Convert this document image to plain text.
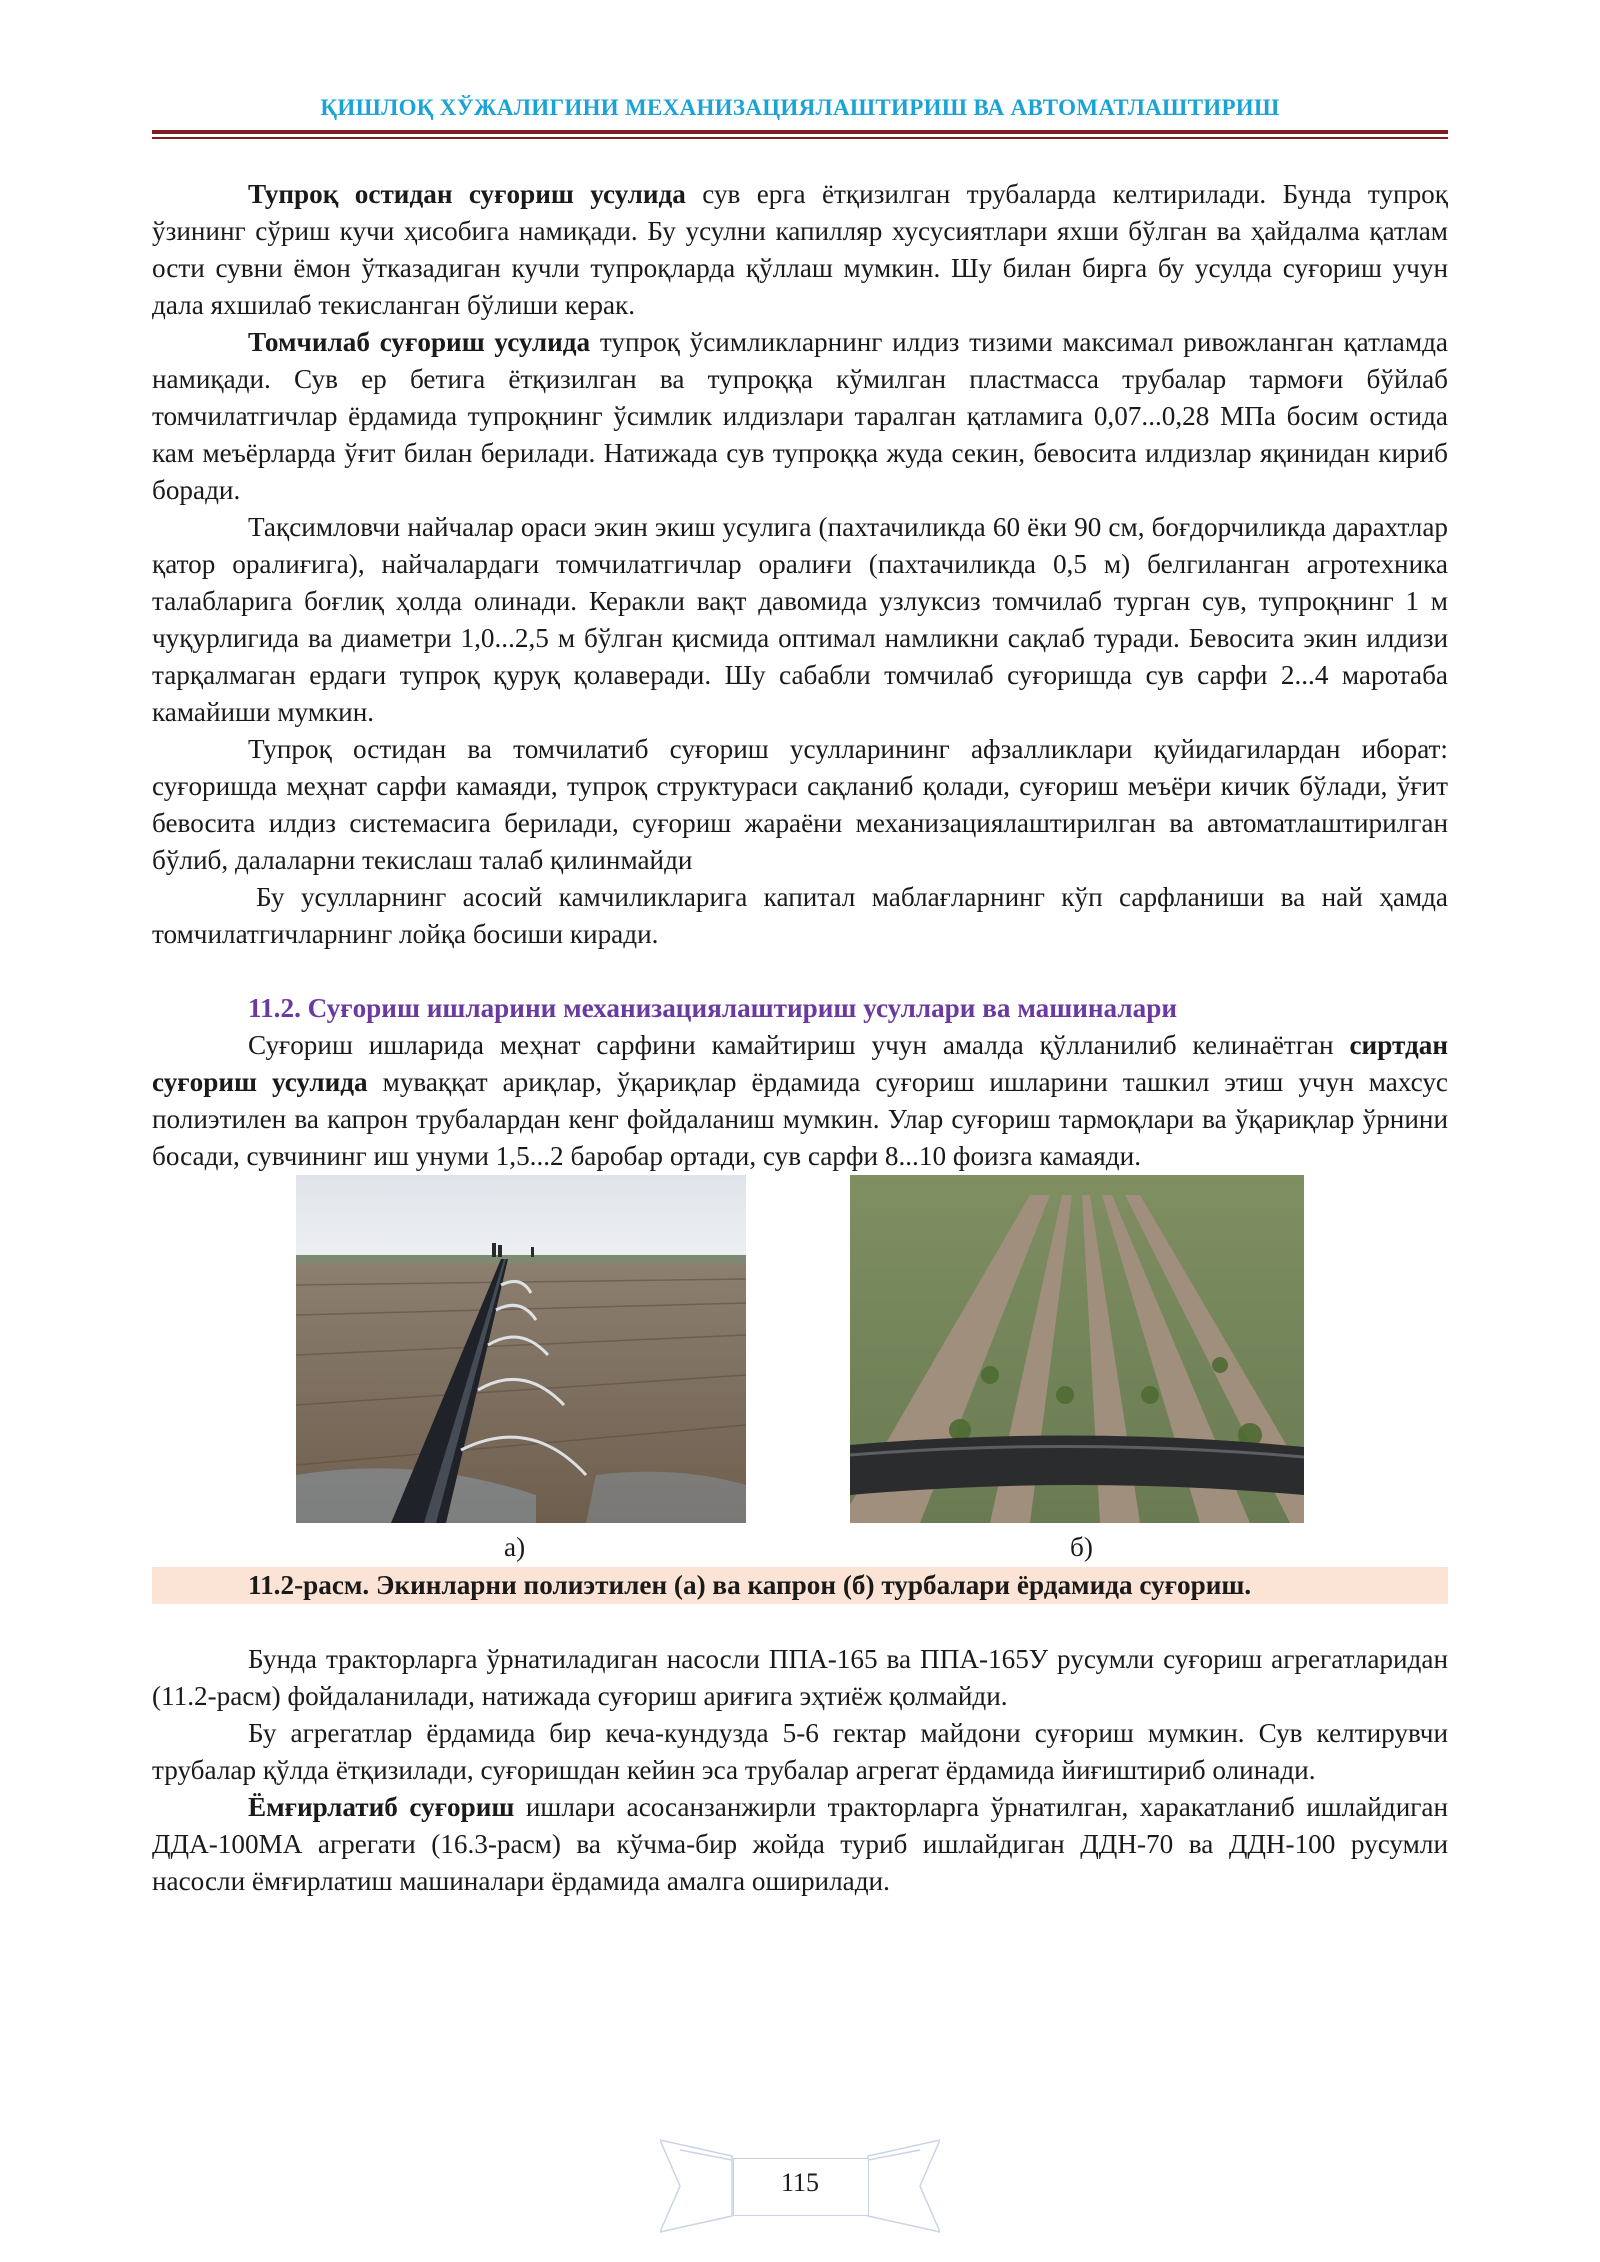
ҚИШЛОҚ ХЎЖАЛИГИНИ МЕХАНИЗАЦИЯЛАШТИРИШ ВА АВТОМАТЛАШТИРИШ

Тупроқ остидан суғориш усулида сув ерга ётқизилган трубаларда келтирилади. Бунда тупроқ ўзининг сўриш кучи ҳисобига намиқади. Бу усулни капилляр хусусиятлари яхши бўлган ва ҳайдалма қатлам ости сувни ёмон ўтказадиган кучли тупроқларда қўллаш мумкин. Шу билан бирга бу усулда суғориш учун дала яхшилаб текисланган бўлиши керак.

Томчилаб суғориш усулида тупроқ ўсимликларнинг илдиз тизими максимал ривожланган қатламда намиқади. Сув ер бетига ётқизилган ва тупроққа кўмилган пластмасса трубалар тармоғи бўйлаб томчилатгичлар ёрдамида тупроқнинг ўсимлик илдизлари таралган қатламига 0,07...0,28 МПа босим остида кам меъёрларда ўғит билан берилади. Натижада сув тупроққа жуда секин, бевосита илдизлар яқинидан кириб боради.

Тақсимловчи найчалар ораси экин экиш усулига (пахтачиликда 60 ёки 90 см, боғдорчиликда дарахтлар қатор оралиғига), найчалардаги томчилатгичлар оралиғи (пахтачиликда 0,5 м) белгиланган агротехника талабларига боғлиқ ҳолда олинади. Керакли вақт давомида узлуксиз томчилаб турган сув, тупроқнинг 1 м чуқурлигида ва диаметри 1,0...2,5 м бўлган қисмида оптимал намликни сақлаб туради. Бевосита экин илдизи тарқалмаган ердаги тупроқ қуруқ қолаверади. Шу сабабли томчилаб суғоришда сув сарфи 2...4 маротаба камайиши мумкин.

Тупроқ остидан ва томчилатиб суғориш усулларининг афзалликлари қуйидагилардан иборат: суғоришда меҳнат сарфи камаяди, тупроқ структураси сақланиб қолади, суғориш меъёри кичик бўлади, ўғит бевосита илдиз системасига берилади, суғориш жараёни механизациялаштирилган ва автоматлаштирилган бўлиб, далаларни текислаш талаб қилинмайди

Бу усулларнинг асосий камчиликларига капитал маблағларнинг кўп сарфланиши ва най ҳамда томчилатгичларнинг лойқа босиши киради.

11.2. Суғориш ишларини механизациялаштириш усуллари ва машиналари

Суғориш ишларида меҳнат сарфини камайтириш учун амалда қўлланилиб келинаётган сиртдан суғориш усулида муваққат ариқлар, ўқариқлар ёрдамида суғориш ишларини ташкил этиш учун махсус полиэтилен ва капрон трубалардан кенг фойдаланиш мумкин. Улар суғориш тармоқлари ва ўқариқлар ўрнини босади, сувчининг иш унуми 1,5...2 баробар ортади, сув сарфи 8...10 фоизга камаяди.

а)	б)

11.2-расм. Экинларни полиэтилен (а) ва капрон (б) турбалари ёрдамида суғориш.

Бунда тракторларга ўрнатиладиган насосли ППА-165 ва ППА-165У русумли суғориш агрегатларидан (11.2-расм) фойдаланилади, натижада суғориш ариғига эҳтиёж қолмайди.

Бу агрегатлар ёрдамида бир кеча-кундузда 5-6 гектар майдони суғориш мумкин. Сув келтирувчи трубалар қўлда ётқизилади, суғоришдан кейин эса трубалар агрегат ёрдамида йиғиштириб олинади.

Ёмғирлатиб суғориш ишлари асосанзанжирли тракторларга ўрнатилган, харакатланиб ишлайдиган ДДА-100МА агрегати (16.3-расм) ва кўчма-бир жойда туриб ишлайдиган ДДН-70 ва ДДН-100 русумли насосли ёмғирлатиш машиналари ёрдамида амалга оширилади.

115
